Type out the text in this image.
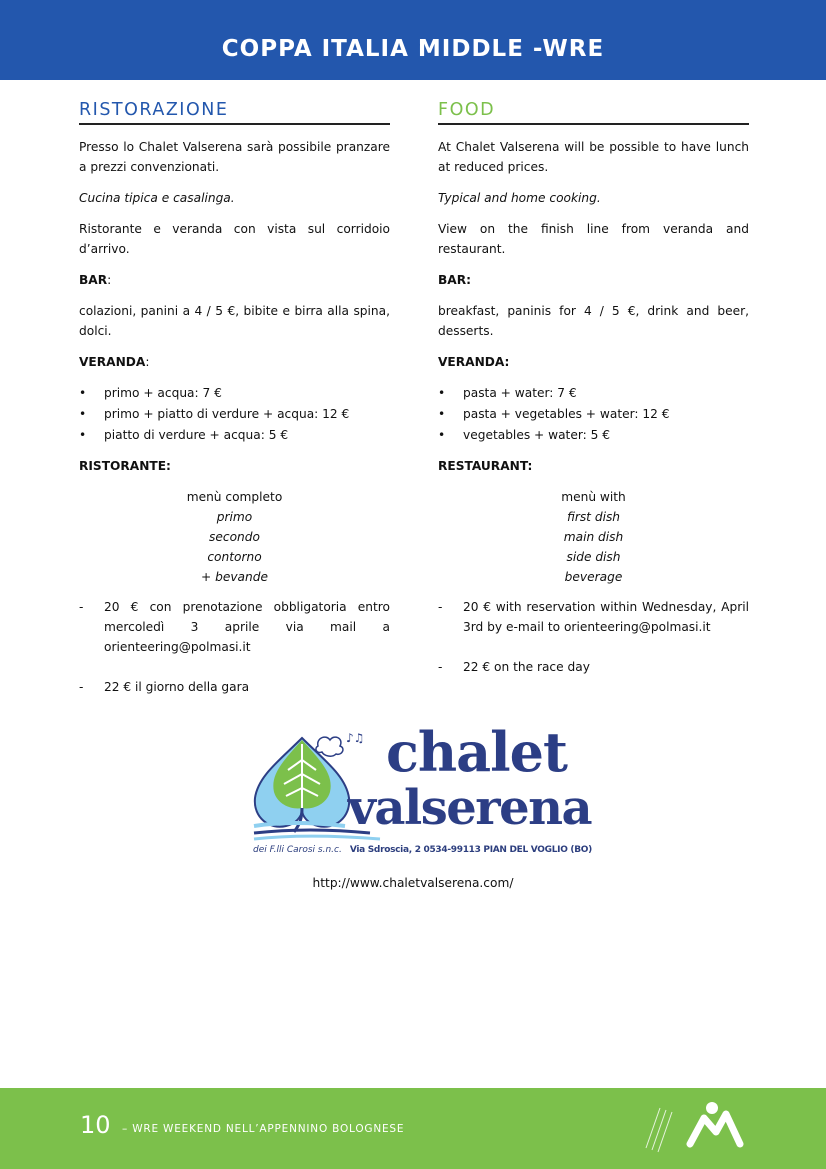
COPPA ITALIA MIDDLE -WRE
RISTORAZIONE
Presso lo Chalet Valserena sarà possibile pranzare a prezzi convenzionati.
Cucina tipica e casalinga.
Ristorante e veranda con vista sul corridoio d’arrivo.
BAR:
colazioni, panini a 4 / 5 €, bibite e birra alla spina, dolci.
VERANDA:
• primo + acqua: 7 €
• primo + piatto di verdure + acqua: 12 €
• piatto di verdure + acqua: 5 €
RISTORANTE:
menù completo
primo
secondo
contorno
+ bevande
- 20 € con prenotazione obbligatoria entro mercoledì 3 aprile via mail a orienteering@polmasi.it
- 22 € il giorno della gara
FOOD
At Chalet Valserena will be possible to have lunch at reduced prices.
Typical and home cooking.
View on the finish line from veranda and restaurant.
BAR:
breakfast, paninis for 4 / 5 €, drink and beer, desserts.
VERANDA:
• pasta + water: 7 €
• pasta + vegetables + water: 12 €
• vegetables + water: 5 €
RESTAURANT:
menù with
first dish
main dish
side dish
beverage
- 20 € with reservation within Wednesday, April 3rd by e-mail to orienteering@polmasi.it
- 22 € on the race day
♪♫ chalet
valserena
dei F.lli Carosi s.n.c. Via Sdroscia, 2 0534-99113 PIAN DEL VOGLIO (BO)
http://www.chaletvalserena.com/
10 – WRE WEEKEND NELL’APPENNINO BOLOGNESE
